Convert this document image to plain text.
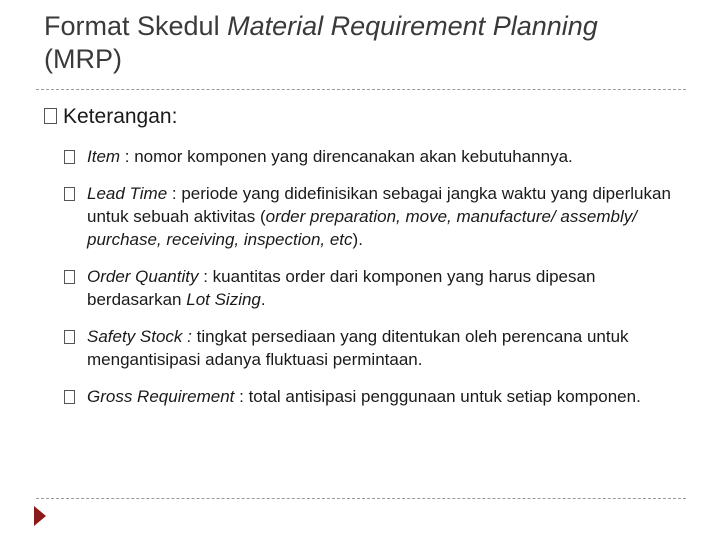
Format Skedul Material Requirement Planning
(MRP)
Keterangan:
Item : nomor komponen yang direncanakan akan kebutuhannya.
Lead Time : periode yang didefinisikan sebagai jangka waktu yang diperlukan untuk sebuah aktivitas (order preparation, move, manufacture/ assembly/ purchase, receiving, inspection, etc).
Order Quantity : kuantitas order dari komponen yang harus dipesan berdasarkan Lot Sizing.
Safety Stock : tingkat persediaan yang ditentukan oleh perencana untuk mengantisipasi adanya fluktuasi permintaan.
Gross Requirement : total antisipasi penggunaan untuk setiap komponen.
